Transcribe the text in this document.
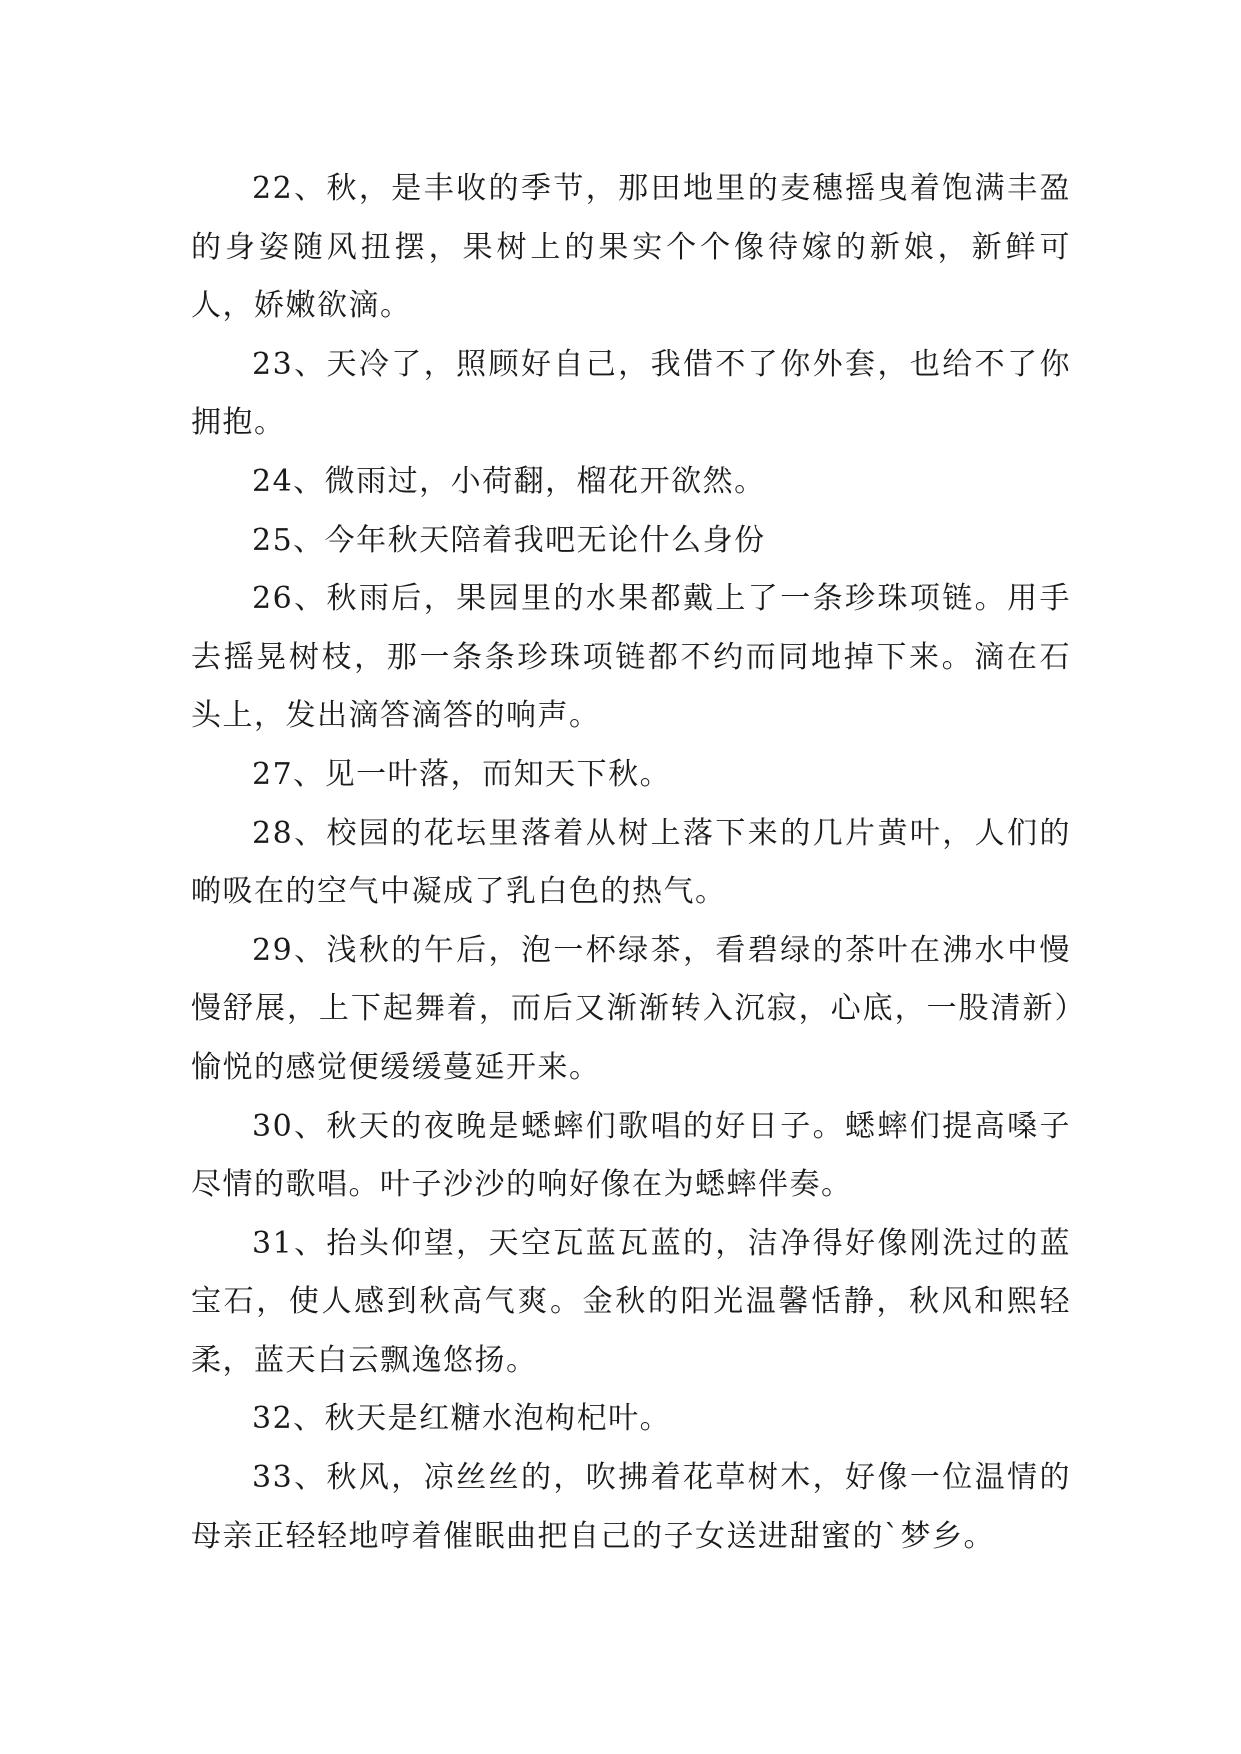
22、秋，是丰收的季节，那田地里的麦穗摇曳着饱满丰盈的身姿随风扭摆，果树上的果实个个像待嫁的新娘，新鲜可人，娇嫩欲滴。

23、天冷了，照顾好自己，我借不了你外套，也给不了你拥抱。

24、微雨过，小荷翻，榴花开欲然。

25、今年秋天陪着我吧无论什么身份

26、秋雨后，果园里的水果都戴上了一条珍珠项链。用手去摇晃树枝，那一条条珍珠项链都不约而同地掉下来。滴在石头上，发出滴答滴答的响声。

27、见一叶落，而知天下秋。

28、校园的花坛里落着从树上落下来的几片黄叶，人们的啲吸在的空气中凝成了乳白色的热气。

29、浅秋的午后，泡一杯绿茶，看碧绿的茶叶在沸水中慢慢舒展，上下起舞着，而后又渐渐转入沉寂，心底，一股清新）愉悦的感觉便缓缓蔓延开来。

30、秋天的夜晚是蟋蟀们歌唱的好日子。蟋蟀们提高嗓子尽情的歌唱。叶子沙沙的响好像在为蟋蟀伴奏。

31、抬头仰望，天空瓦蓝瓦蓝的，洁净得好像刚洗过的蓝宝石，使人感到秋高气爽。金秋的阳光温馨恬静，秋风和熙轻柔，蓝天白云飘逸悠扬。

32、秋天是红糖水泡枸杞叶。

33、秋风，凉丝丝的，吹拂着花草树木，好像一位温情的母亲正轻轻地哼着催眠曲把自己的子女送进甜蜜的`梦乡。
